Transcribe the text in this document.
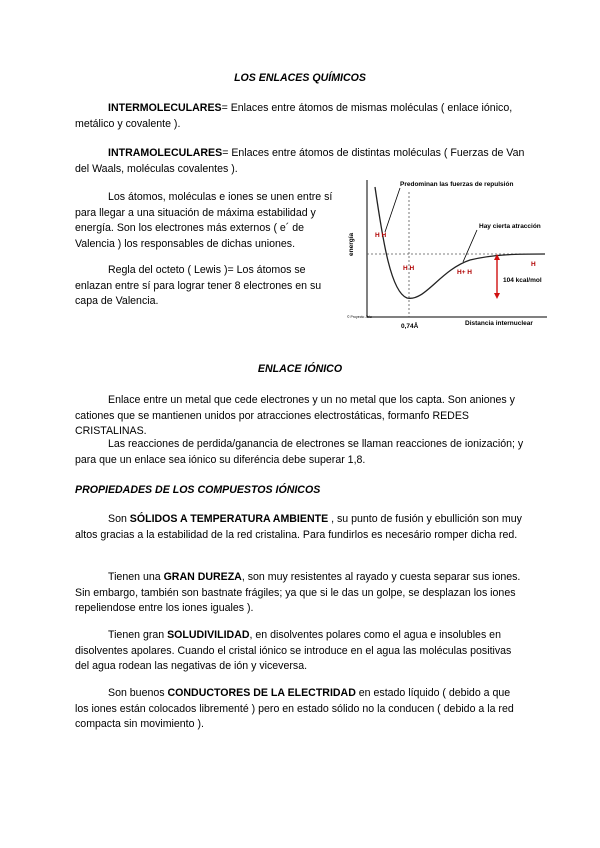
LOS ENLACES QUÍMICOS
INTERMOLECULARES= Enlaces entre átomos de mismas moléculas ( enlace iónico, metálico y covalente ).
INTRAMOLECULARES= Enlaces entre átomos de distintas moléculas ( Fuerzas de Van del Waals, moléculas covalentes ).
Los átomos, moléculas e iones se unen entre sí para llegar a una situación de máxima estabilidad y energía. Son los electrones más externos ( e´ de Valencia ) los responsables de dichas uniones.
Regla del octeto ( Lewis )= Los átomos se enlazan entre sí para lograr tener 8 electrones en su capa de Valencia.
Predominan las fuerzas de repulsión
Hay cierta atracción
104 kcal/mol
H H
H H
H+ H
H
energía
0,74Å	Distancia internuclear
© Proyecto Jblu
ENLACE IÓNICO
Enlace entre un metal que cede electrones y un no metal que los capta. Son aniones y cationes que se mantienen unidos por atracciones electrostáticas, formanfo REDES CRISTALINAS.
Las reacciones de perdida/ganancia de electrones se llaman reacciones de ionización; y para que un enlace sea iónico su diferéncia debe superar 1,8.
PROPIEDADES DE LOS COMPUESTOS IÓNICOS
Son SÓLIDOS A TEMPERATURA AMBIENTE , su punto de fusión y ebullición son muy altos gracias a la estabilidad de la red cristalina. Para fundirlos es necesário romper dicha red.
Tienen una GRAN DUREZA, son muy resistentes al rayado y cuesta separar sus iones. Sin embargo, también son bastnate frágiles; ya que si le das un golpe, se desplazan los iones repeliendose entre los iones iguales ).
Tienen gran SOLUDIVILIDAD, en disolventes polares como el agua e insolubles en disolventes apolares. Cuando el cristal iónico se introduce en el agua las moléculas positivas del agua rodean las negativas de ión y viceversa.
Son buenos CONDUCTORES DE LA ELECTRIDAD en estado líquido ( debido a que los iones están colocados librementé ) pero en estado sólido no la conducen ( debido a la red compacta sin movimiento ).
